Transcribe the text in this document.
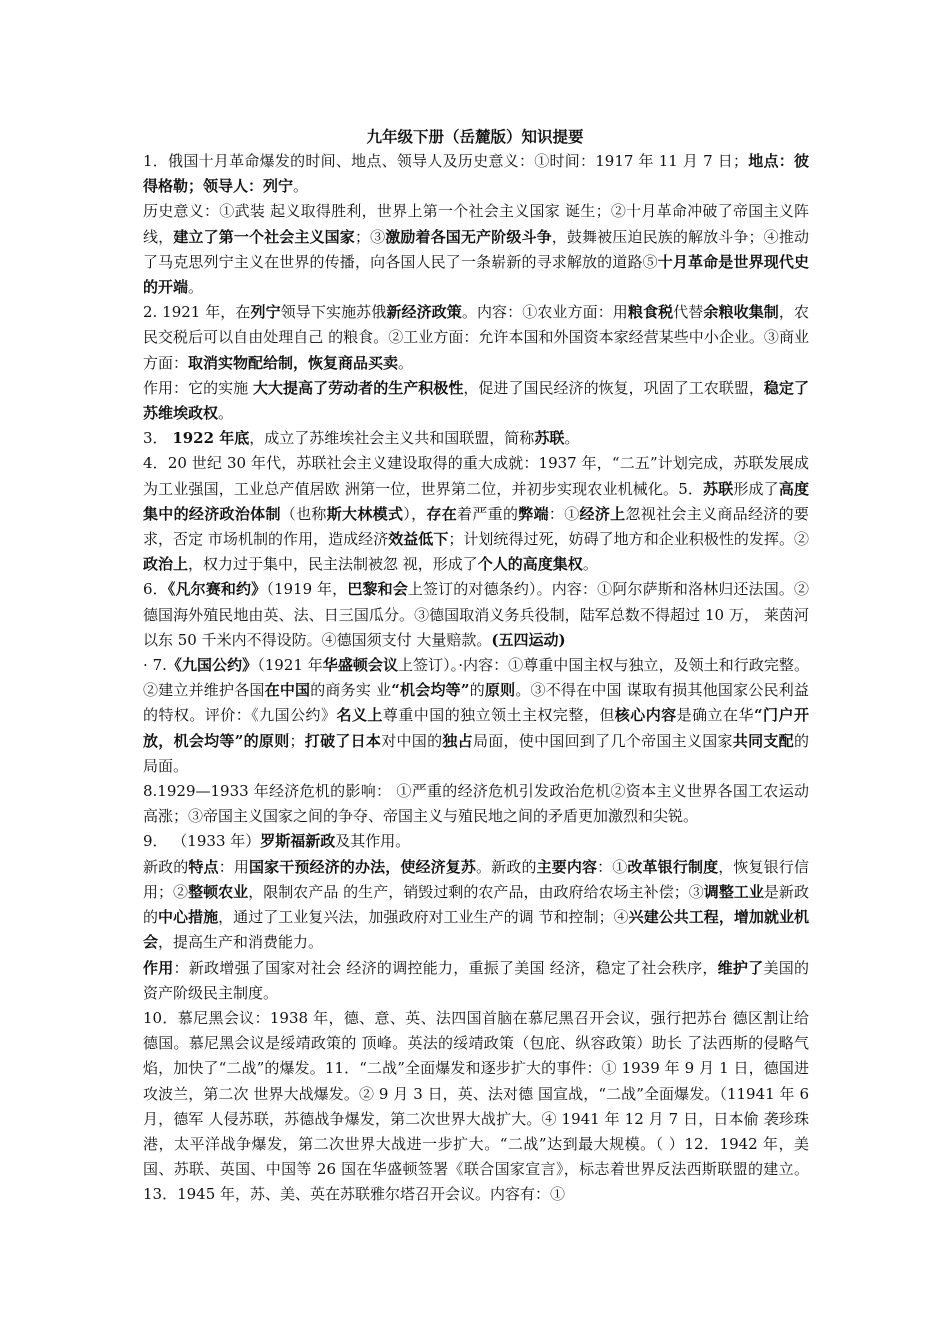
九年级下册（岳麓版）知识提要

1．俄国十月革命爆发的时间、地点、领导人及历史意义：①时间：1917 年 11 月 7 日；地点：彼得格勒；领导人：列宁。

历史意义：①武装 起义取得胜利，世界上第一个社会主义国家 诞生；②十月革命冲破了帝国主义阵线，建立了第一个社会主义国家；③激励着各国无产阶级斗争，鼓舞被压迫民族的解放斗争；④推动了马克思列宁主义在世界的传播，向各国人民了一条崭新的寻求解放的道路⑤十月革命是世界现代史的开端。

2. 1921 年，在列宁领导下实施苏俄新经济政策。内容：①农业方面：用粮食税代替余粮收集制，农民交税后可以自由处理自己 的粮食。②工业方面：允许本国和外国资本家经营某些中小企业。③商业方面：取消实物配给制，恢复商品买卖。

作用：它的实施 大大提高了劳动者的生产积极性，促进了国民经济的恢复，巩固了工农联盟，稳定了苏维埃政权。

3． 1922 年底，成立了苏维埃社会主义共和国联盟，简称苏联。

4．20 世纪 30 年代，苏联社会主义建设取得的重大成就：1937 年，“二五”计划完成，苏联发展成为工业强国，工业总产值居欧 洲第一位，世界第二位，并初步实现农业机械化。5．苏联形成了高度集中的经济政治体制（也称斯大林模式），存在着严重的弊端：①经济上忽视社会主义商品经济的要求，否定 市场机制的作用，造成经济效益低下；计划统得过死，妨碍了地方和企业积极性的发挥。②政治上，权力过于集中，民主法制被忽 视，形成了个人的高度集权。

6．《凡尔赛和约》（1919 年，巴黎和会上签订的对德条约）。内容：①阿尔萨斯和洛林归还法国。②德国海外殖民地由英、法、日三国瓜分。③德国取消义务兵役制，陆军总数不得超过 10 万， 莱茵河以东 50 千米内不得设防。④德国须支付 大量赔款。(五四运动)

· 7.《九国公约》（1921 年华盛顿会议上签订）。·内容：①尊重中国主权与独立，及领土和行政完整。②建立并维护各国在中国的商务实 业“机会均等”的原则。③不得在中国 谋取有损其他国家公民利益的特权。评价：《九国公约》名义上尊重中国的独立领土主权完整，但核心内容是确立在华“门户开放，机会均等”的原则；打破了日本对中国的独占局面，使中国回到了几个帝国主义国家共同支配的局面。

8.1929—1933 年经济危机的影响： ①严重的经济危机引发政治危机②资本主义世界各国工农运动高涨；③帝国主义国家之间的争夺、帝国主义与殖民地之间的矛盾更加激烈和尖锐。

9． （1933 年）罗斯福新政及其作用。

新政的特点：用国家干预经济的办法，使经济复苏。新政的主要内容：①改革银行制度，恢复银行信用；②整顿农业，限制农产品 的生产，销毁过剩的农产品，由政府给农场主补偿；③调整工业是新政的中心措施，通过了工业复兴法，加强政府对工业生产的调 节和控制；④兴建公共工程，增加就业机会，提高生产和消费能力。

作用：新政增强了国家对社会 经济的调控能力，重振了美国 经济，稳定了社会秩序，维护了美国的资产阶级民主制度。

10．慕尼黑会议：1938 年，德、意、英、法四国首脑在慕尼黑召开会议，强行把苏台 德区割让给德国。慕尼黑会议是绥靖政策的 顶峰。英法的绥靖政策（包庇、纵容政策）助长 了法西斯的侵略气焰，加快了“二战”的爆发。11．“二战”全面爆发和逐步扩大的事件：① 1939 年 9 月 1 日，德国进攻波兰，第二次 世界大战爆发。② 9 月 3 日，英、法对德 国宣战，“二战”全面爆发。（11941 年 6 月，德军 人侵苏联，苏德战争爆发，第二次世界大战扩大。④ 1941 年 12 月 7 日，日本偷 袭珍珠港，太平洋战争爆发，第二次世界大战进一步扩大。“二战”达到最大规模。（ ）12．1942 年，美国、苏联、英国、中国等 26 国在华盛顿签署《联合国家宣言》，标志着世界反法西斯联盟的建立。13．1945 年，苏、美、英在苏联雅尔塔召开会议。内容有：①
